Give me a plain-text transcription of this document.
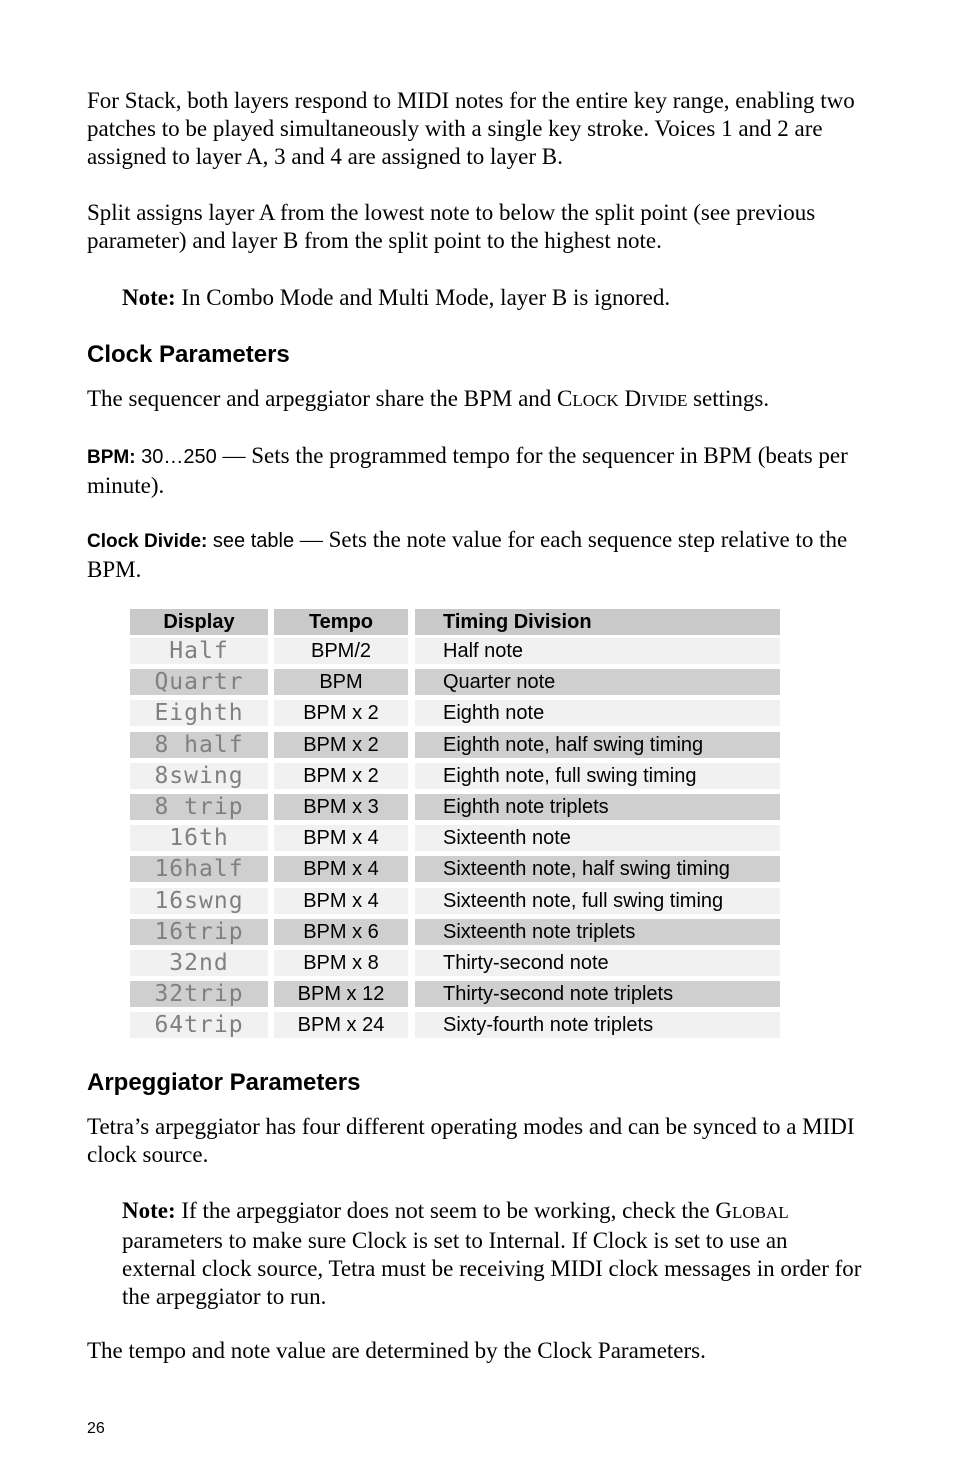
For Stack, both layers respond to MIDI notes for the entire key range, enabling two patches to be played simultaneously with a single key stroke. Voices 1 and 2 are assigned to layer A, 3 and 4 are assigned to layer B.

Split assigns layer A from the lowest note to below the split point (see previous parameter) and layer B from the split point to the highest note.

Note: In Combo Mode and Multi Mode, layer B is ignored.

Clock Parameters

The sequencer and arpeggiator share the BPM and CLOCK DIVIDE settings.

BPM: 30…250 — Sets the programmed tempo for the sequencer in BPM (beats per minute).

Clock Divide: see table — Sets the note value for each sequence step relative to the BPM.

Display	Tempo	Timing Division
Half	BPM/2	Half note
Quartr	BPM	Quarter note
Eighth	BPM x 2	Eighth note
8 half	BPM x 2	Eighth note, half swing timing
8swing	BPM x 2	Eighth note, full swing timing
8 trip	BPM x 3	Eighth note triplets
16th	BPM x 4	Sixteenth note
16half	BPM x 4	Sixteenth note, half swing timing
16swng	BPM x 4	Sixteenth note, full swing timing
16trip	BPM x 6	Sixteenth note triplets
32nd	BPM x 8	Thirty-second note
32trip	BPM x 12	Thirty-second note triplets
64trip	BPM x 24	Sixty-fourth note triplets
Arpeggiator Parameters

Tetra’s arpeggiator has four different operating modes and can be synced to a MIDI clock source.

Note: If the arpeggiator does not seem to be working, check the GLOBAL parameters to make sure Clock is set to Internal. If Clock is set to use an external clock source, Tetra must be receiving MIDI clock messages in order for the arpeggiator to run.

The tempo and note value are determined by the Clock Parameters.

26
